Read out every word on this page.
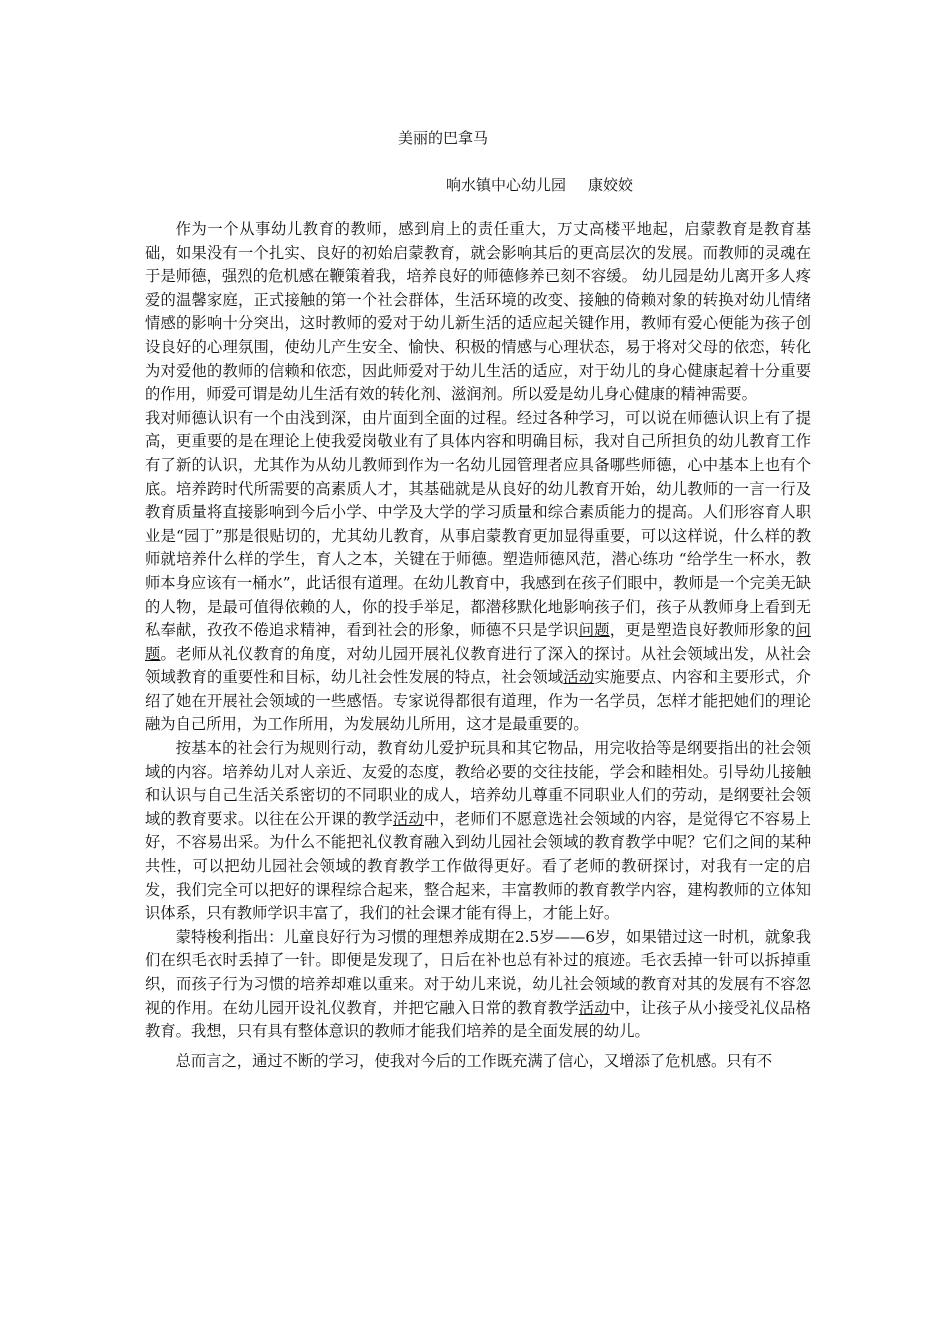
美丽的巴拿马
响水镇中心幼儿园 康姣姣

作为一个从事幼儿教育的教师，感到肩上的责任重大，万丈高楼平地起，启蒙教育是教育基础，如果没有一个扎实、良好的初始启蒙教育，就会影响其后的更高层次的发展。而教师的灵魂在于是师德，强烈的危机感在鞭策着我，培养良好的师德修养已刻不容缓。 幼儿园是幼儿离开多人疼爱的温馨家庭，正式接触的第一个社会群体，生活环境的改变、接触的倚赖对象的转换对幼儿情绪情感的影响十分突出，这时教师的爱对于幼儿新生活的适应起关键作用，教师有爱心便能为孩子创设良好的心理氛围，使幼儿产生安全、愉快、积极的情感与心理状态，易于将对父母的依恋，转化为对爱他的教师的信赖和依恋，因此师爱对于幼儿生活的适应，对于幼儿的身心健康起着十分重要的作用，师爱可谓是幼儿生活有效的转化剂、滋润剂。所以爱是幼儿身心健康的精神需要。

我对师德认识有一个由浅到深，由片面到全面的过程。经过各种学习，可以说在师德认识上有了提高，更重要的是在理论上使我爱岗敬业有了具体内容和明确目标，我对自己所担负的幼儿教育工作有了新的认识，尤其作为从幼儿教师到作为一名幼儿园管理者应具备哪些师德，心中基本上也有个底。培养跨时代所需要的高素质人才，其基础就是从良好的幼儿教育开始，幼儿教师的一言一行及教育质量将直接影响到今后小学、中学及大学的学习质量和综合素质能力的提高。人们形容育人职业是“园丁”那是很贴切的，尤其幼儿教育，从事启蒙教育更加显得重要，可以这样说，什么样的教师就培养什么样的学生，育人之本，关键在于师德。塑造师德风范，潜心练功 “给学生一杯水，教师本身应该有一桶水”，此话很有道理。在幼儿教育中，我感到在孩子们眼中，教师是一个完美无缺的人物，是最可值得依赖的人，你的投手举足，都潜移默化地影响孩子们，孩子从教师身上看到无私奉献，孜孜不倦追求精神，看到社会的形象，师德不只是学识问题，更是塑造良好教师形象的问题。老师从礼仪教育的角度，对幼儿园开展礼仪教育进行了深入的探讨。从社会领域出发，从社会领域教育的重要性和目标，幼儿社会性发展的特点，社会领域活动实施要点、内容和主要形式，介绍了她在开展社会领域的一些感悟。专家说得都很有道理，作为一名学员，怎样才能把她们的理论融为自己所用，为工作所用，为发展幼儿所用，这才是最重要的。

按基本的社会行为规则行动，教育幼儿爱护玩具和其它物品，用完收拾等是纲要指出的社会领域的内容。培养幼儿对人亲近、友爱的态度，教给必要的交往技能，学会和睦相处。引导幼儿接触和认识与自己生活关系密切的不同职业的成人，培养幼儿尊重不同职业人们的劳动，是纲要社会领域的教育要求。以往在公开课的教学活动中，老师们不愿意选社会领域的内容，是觉得它不容易上好，不容易出采。为什么不能把礼仪教育融入到幼儿园社会领域的教育教学中呢？它们之间的某种共性，可以把幼儿园社会领域的教育教学工作做得更好。看了老师的教研探讨，对我有一定的启发，我们完全可以把好的课程综合起来，整合起来，丰富教师的教育教学内容，建构教师的立体知识体系，只有教师学识丰富了，我们的社会课才能有得上，才能上好。

蒙特梭利指出：儿童良好行为习惯的理想养成期在2.5岁——6岁，如果错过这一时机，就象我们在织毛衣时丢掉了一针。即便是发现了，日后在补也总有补过的痕迹。毛衣丢掉一针可以拆掉重织，而孩子行为习惯的培养却难以重来。对于幼儿来说，幼儿社会领域的教育对其的发展有不容忽视的作用。在幼儿园开设礼仪教育，并把它融入日常的教育教学活动中，让孩子从小接受礼仪品格教育。我想，只有具有整体意识的教师才能我们培养的是全面发展的幼儿。

总而言之，通过不断的学习，使我对今后的工作既充满了信心，又增添了危机感。只有不
